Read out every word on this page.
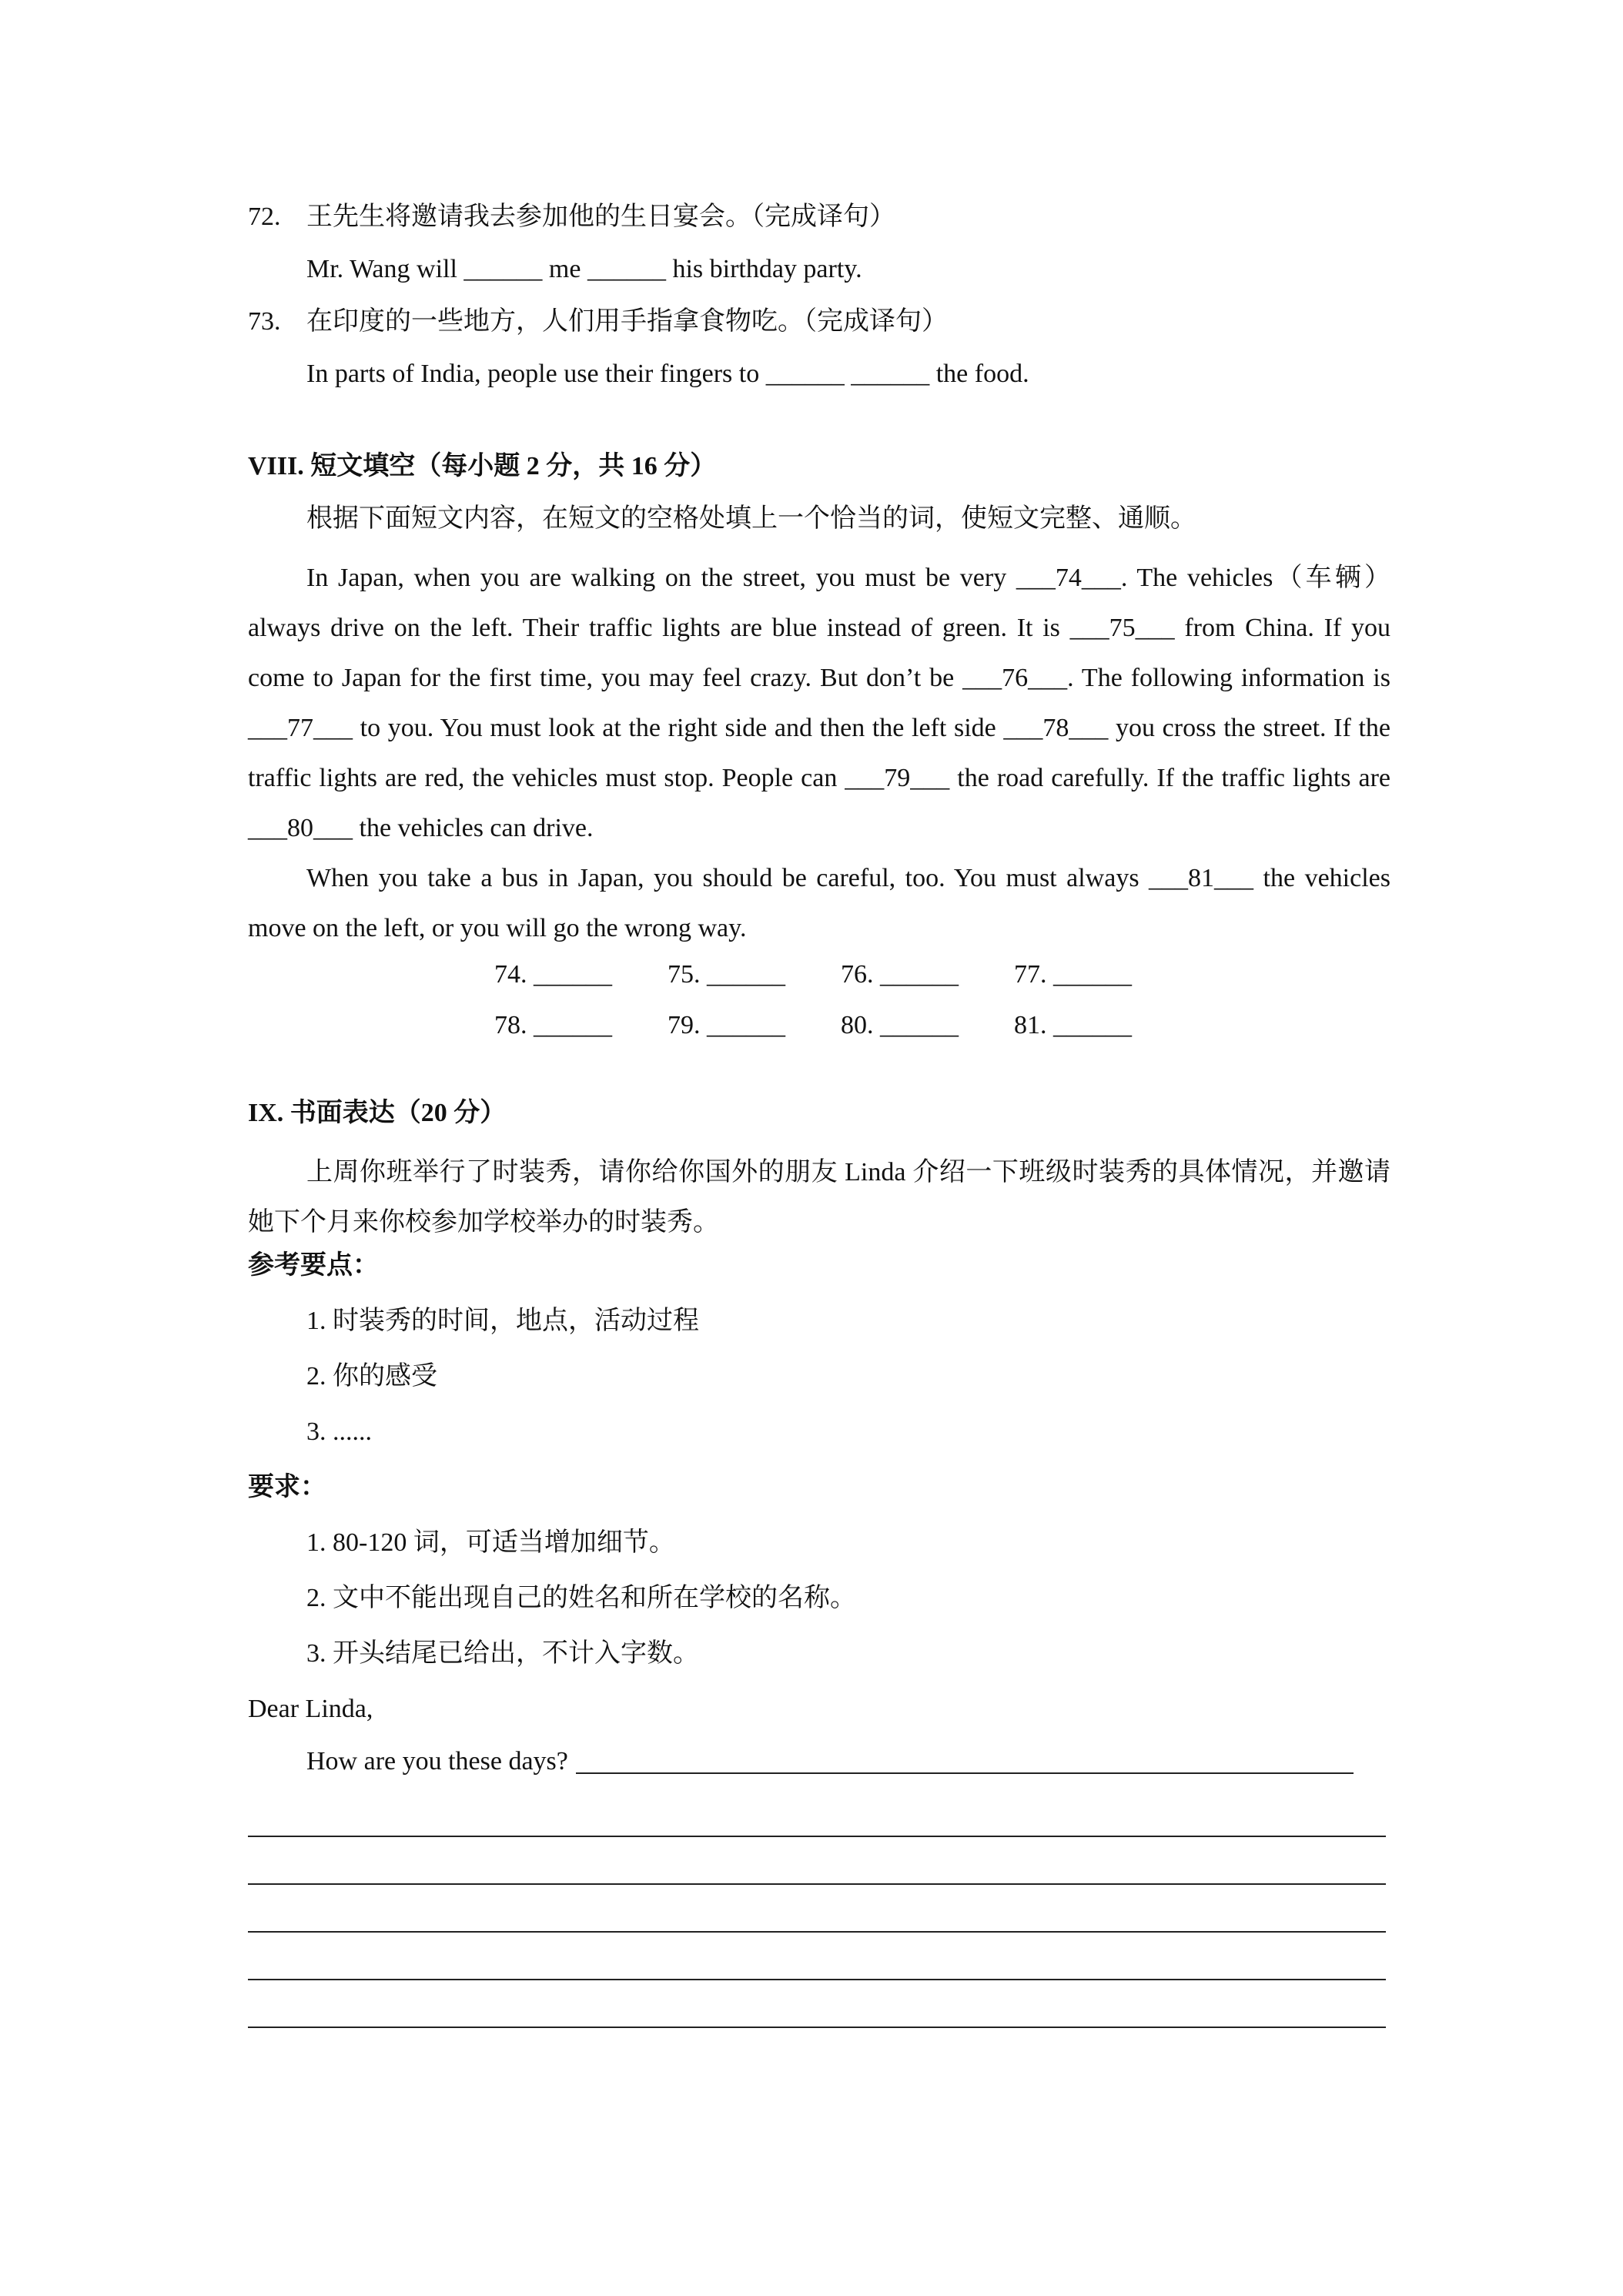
72. 王先生将邀请我去参加他的生日宴会。（完成译句）
Mr. Wang will ______ me ______ his birthday party.
73. 在印度的一些地方，人们用手指拿食物吃。（完成译句）
In parts of India, people use their fingers to ______ ______ the food.
VIII. 短文填空（每小题 2 分，共 16 分）
根据下面短文内容，在短文的空格处填上一个恰当的词，使短文完整、通顺。

In Japan, when you are walking on the street, you must be very ___74___. The vehicles（车辆）always drive on the left. Their traffic lights are blue instead of green. It is ___75___ from China. If you come to Japan for the first time, you may feel crazy. But don’t be ___76___. The following information is ___77___ to you. You must look at the right side and then the left side ___78___ you cross the street. If the traffic lights are red, the vehicles must stop. People can ___79___ the road carefully. If the traffic lights are ___80___ the vehicles can drive.

When you take a bus in Japan, you should be careful, too. You must always ___81___ the vehicles move on the left, or you will go the wrong way.

74. ______	75. ______	76. ______	77. ______
78. ______	79. ______	80. ______	81. ______
IX. 书面表达（20 分）

上周你班举行了时装秀，请你给你国外的朋友 Linda 介绍一下班级时装秀的具体情况，并邀请她下个月来你校参加学校举办的时装秀。

参考要点：
1. 时装秀的时间，地点，活动过程
2. 你的感受
3. ......
要求：
1. 80-120 词，可适当增加细节。
2. 文中不能出现自己的姓名和所在学校的名称。
3. 开头结尾已给出，不计入字数。
Dear Linda,
How are you these days?
